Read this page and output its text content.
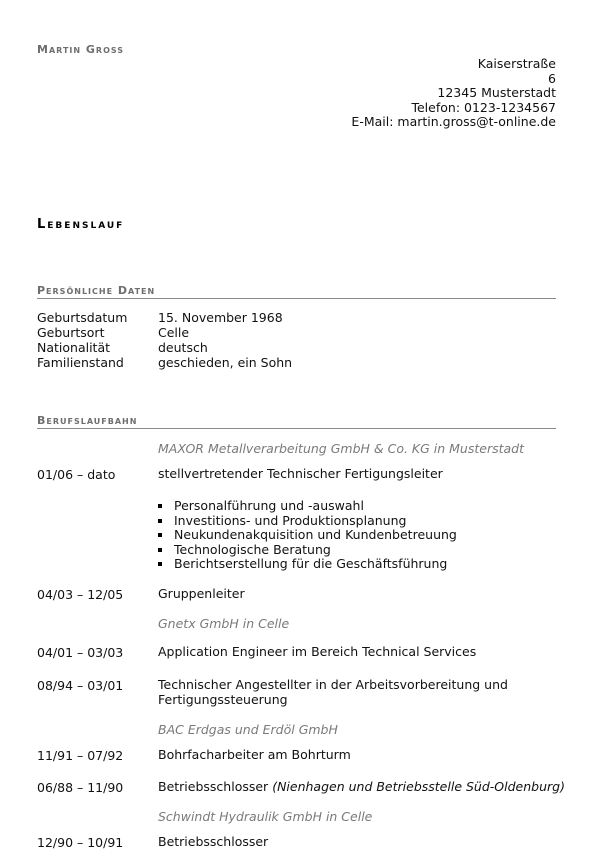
Martin Gross
Kaiserstraße
6
12345 Musterstadt
Telefon: 0123-1234567
E-Mail: martin.gross@t-online.de
Lebenslauf
Persönliche Daten
Geburtsdatum 15. November 1968
Geburtsort	Celle
Nationalität	deutsch
Familienstand	geschieden, ein Sohn
Berufslaufbahn
MAXOR Metallverarbeitung GmbH & Co. KG in Musterstadt
01/06 – dato	stellvertretender Technischer Fertigungsleiter
Personalführung und -auswahl
Investitions- und Produktionsplanung
Neukundenakquisition und Kundenbetreuung
Technologische Beratung
Berichtserstellung für die Geschäftsführung
04/03 – 12/05	Gruppenleiter
Gnetx GmbH in Celle
04/01 – 03/03	Application Engineer im Bereich Technical Services
08/94 – 03/01	Technischer Angestellter in der Arbeitsvorbereitung und Fertigungssteuerung
BAC Erdgas und Erdöl GmbH
11/91 – 07/92	Bohrfacharbeiter am Bohrturm
06/88 – 11/90	Betriebsschlosser (Nienhagen und Betriebsstelle Süd-Oldenburg)
Schwindt Hydraulik GmbH in Celle
12/90 – 10/91	Betriebsschlosser
